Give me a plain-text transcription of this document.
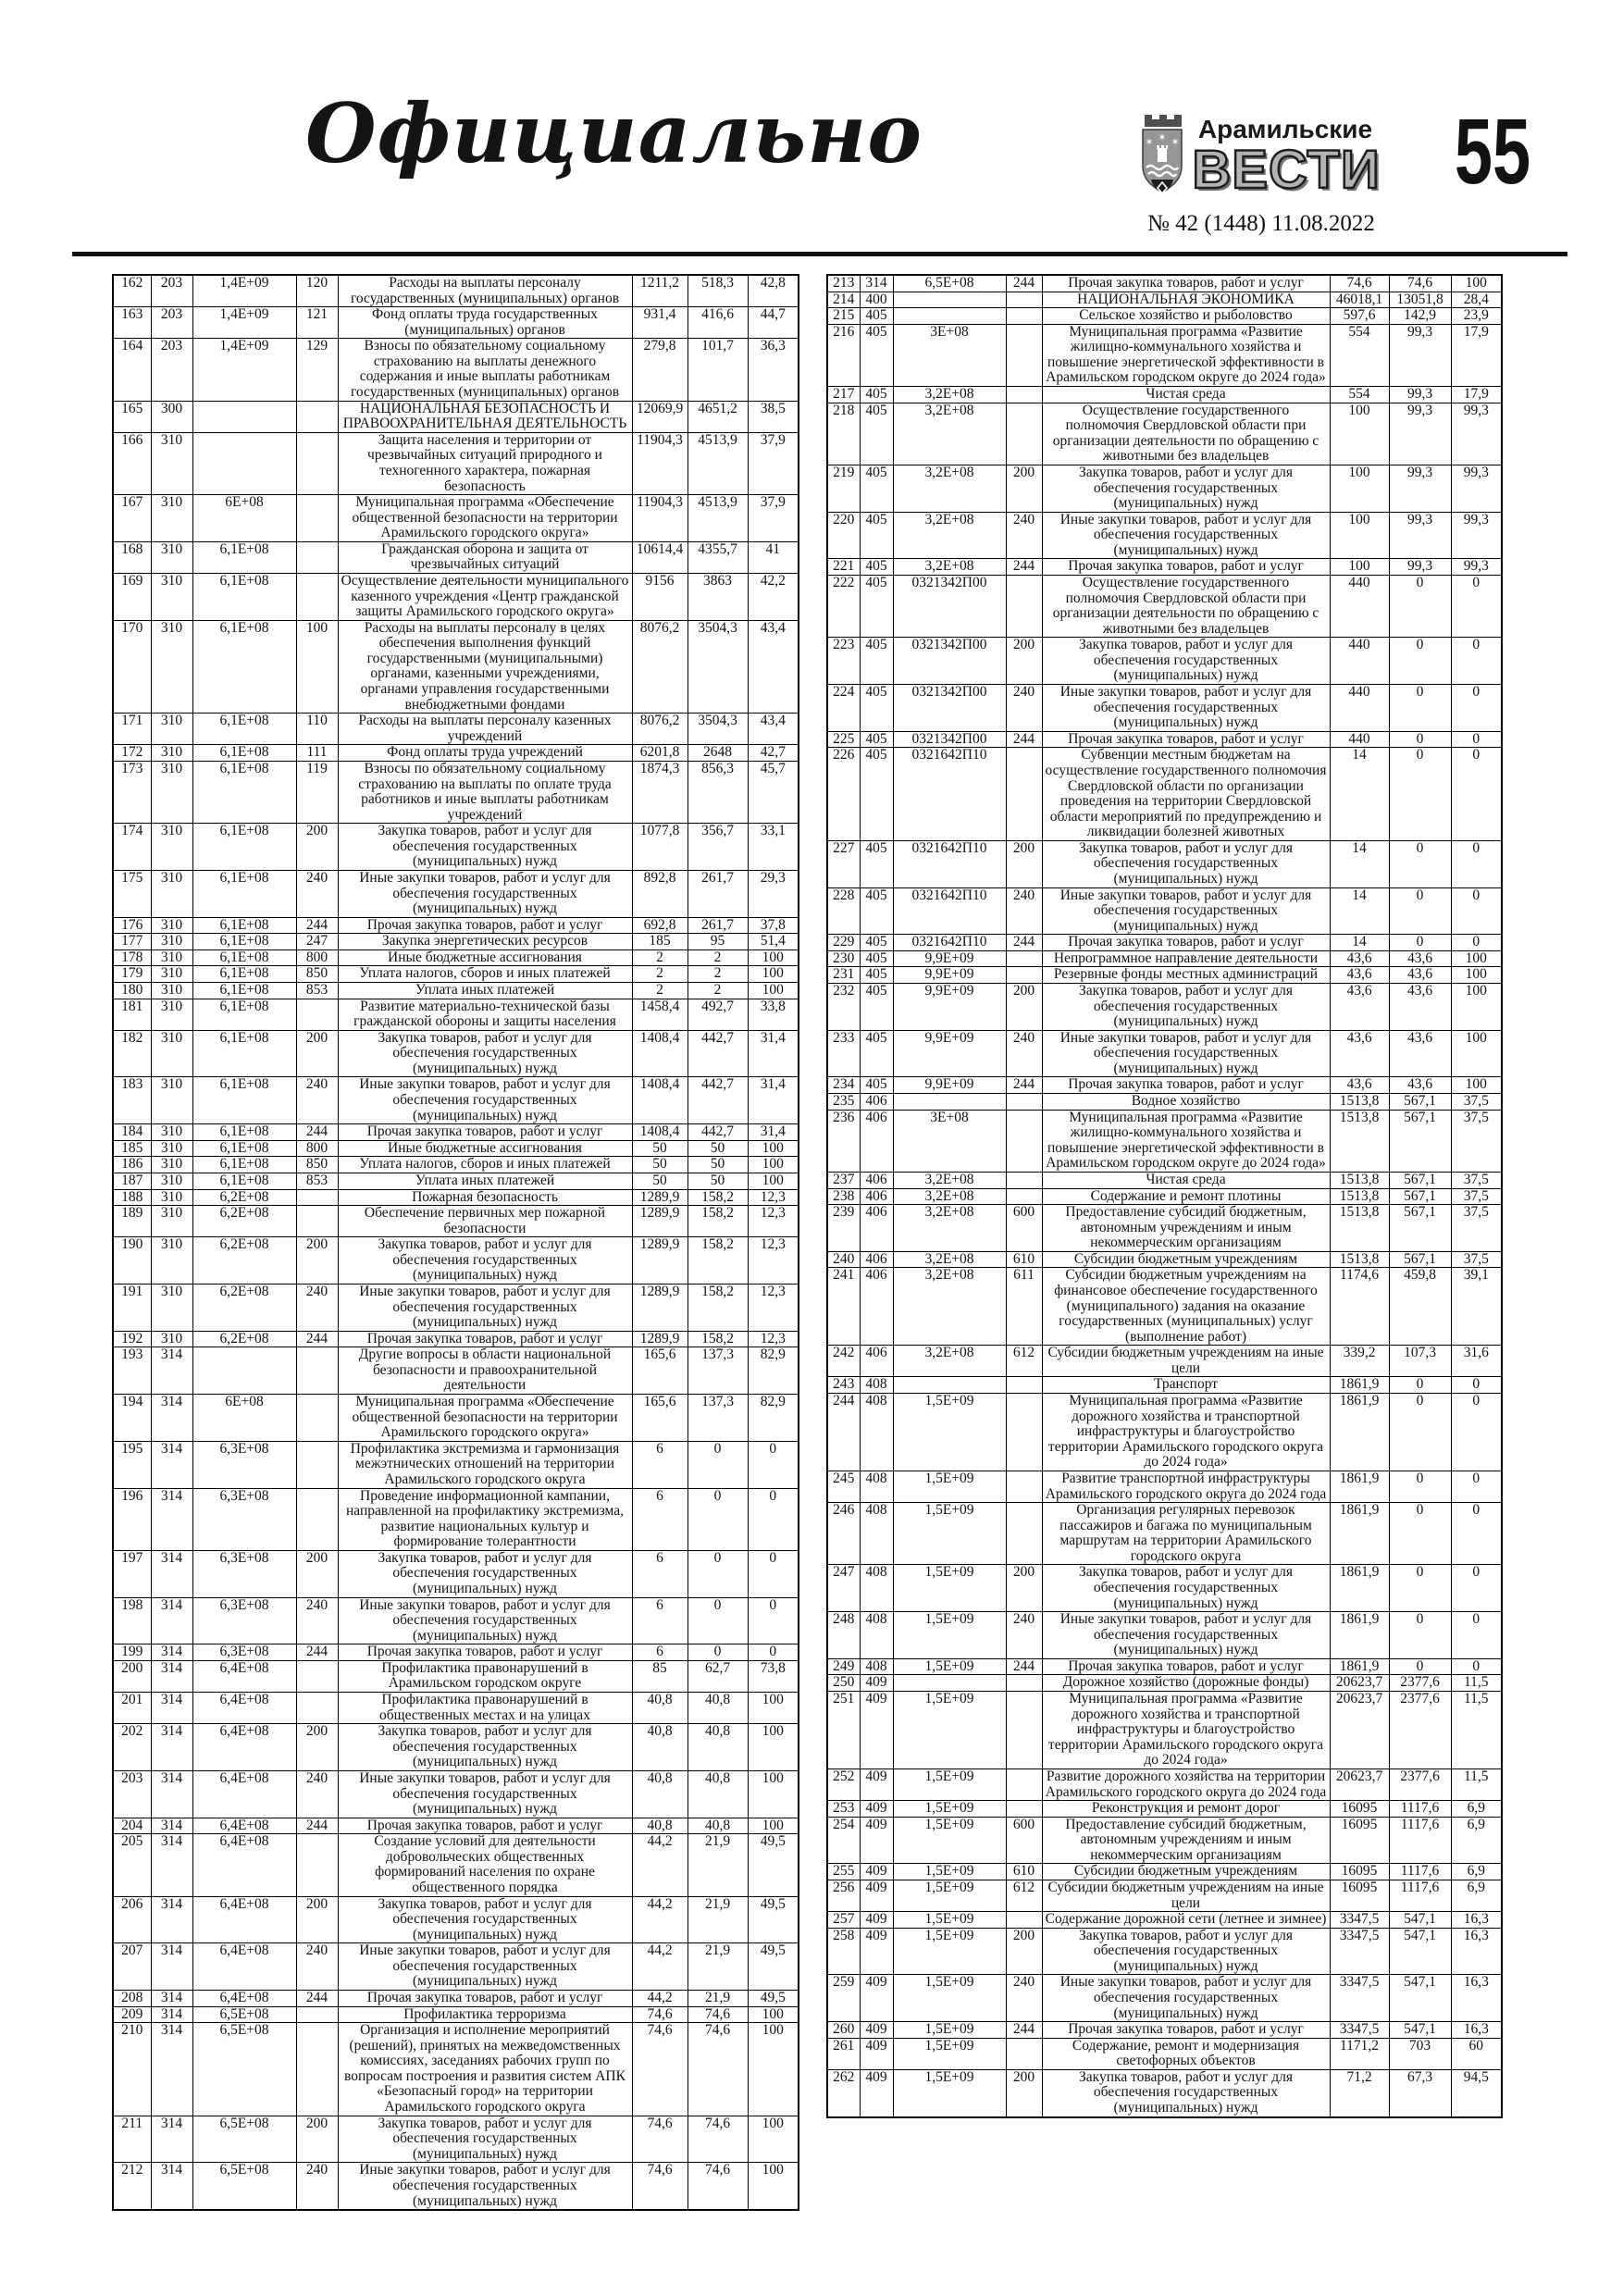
Официально	✶ ✶ ✶ Арамильские
ВЕСТИ 55
№ 42 (1448) 11.08.2022
162	203	1,4E+09	120	Расходы на выплаты персоналу государственных (муниципальных) органов	1211,2	518,3	42,8
163	203	1,4E+09	121	Фонд оплаты труда государственных (муниципальных) органов	931,4	416,6	44,7
164	203	1,4E+09	129	Взносы по обязательному социальному страхованию на выплаты денежного содержания и иные выплаты работникам государственных (муниципальных) органов	279,8	101,7	36,3
165	300			НАЦИОНАЛЬНАЯ БЕЗОПАСНОСТЬ И ПРАВООХРАНИТЕЛЬНАЯ ДЕЯТЕЛЬНОСТЬ	12069,9	4651,2	38,5
166	310			Защита населения и территории от чрезвычайных ситуаций природного и техногенного характера, пожарная безопасность	11904,3	4513,9	37,9
167	310	6E+08		Муниципальная программа «Обеспечение общественной безопасности на территории Арамильского городского округа»	11904,3	4513,9	37,9
168	310	6,1E+08		Гражданская оборона и защита от чрезвычайных ситуаций	10614,4	4355,7	41
169	310	6,1E+08		Осуществление деятельности муниципального казенного учреждения «Центр гражданской защиты Арамильского городского округа»	9156	3863	42,2
170	310	6,1E+08	100	Расходы на выплаты персоналу в целях обеспечения выполнения функций государственными (муниципальными) органами, казенными учреждениями, органами управления государственными внебюджетными фондами	8076,2	3504,3	43,4
171	310	6,1E+08	110	Расходы на выплаты персоналу казенных учреждений	8076,2	3504,3	43,4
172	310	6,1E+08	111	Фонд оплаты труда учреждений	6201,8	2648	42,7
173	310	6,1E+08	119	Взносы по обязательному социальному страхованию на выплаты по оплате труда работников и иные выплаты работникам учреждений	1874,3	856,3	45,7
174	310	6,1E+08	200	Закупка товаров, работ и услуг для обеспечения государственных (муниципальных) нужд	1077,8	356,7	33,1
175	310	6,1E+08	240	Иные закупки товаров, работ и услуг для обеспечения государственных (муниципальных) нужд	892,8	261,7	29,3
176	310	6,1E+08	244	Прочая закупка товаров, работ и услуг	692,8	261,7	37,8
177	310	6,1E+08	247	Закупка энергетических ресурсов	185	95	51,4
178	310	6,1E+08	800	Иные бюджетные ассигнования	2	2	100
179	310	6,1E+08	850	Уплата налогов, сборов и иных платежей	2	2	100
180	310	6,1E+08	853	Уплата иных платежей	2	2	100
181	310	6,1E+08		Развитие материально-технической базы гражданской обороны и защиты населения	1458,4	492,7	33,8
182	310	6,1E+08	200	Закупка товаров, работ и услуг для обеспечения государственных (муниципальных) нужд	1408,4	442,7	31,4
183	310	6,1E+08	240	Иные закупки товаров, работ и услуг для обеспечения государственных (муниципальных) нужд	1408,4	442,7	31,4
184	310	6,1E+08	244	Прочая закупка товаров, работ и услуг	1408,4	442,7	31,4
185	310	6,1E+08	800	Иные бюджетные ассигнования	50	50	100
186	310	6,1E+08	850	Уплата налогов, сборов и иных платежей	50	50	100
187	310	6,1E+08	853	Уплата иных платежей	50	50	100
188	310	6,2E+08		Пожарная безопасность	1289,9	158,2	12,3
189	310	6,2E+08		Обеспечение первичных мер пожарной безопасности	1289,9	158,2	12,3
190	310	6,2E+08	200	Закупка товаров, работ и услуг для обеспечения государственных (муниципальных) нужд	1289,9	158,2	12,3
191	310	6,2E+08	240	Иные закупки товаров, работ и услуг для обеспечения государственных (муниципальных) нужд	1289,9	158,2	12,3
192	310	6,2E+08	244	Прочая закупка товаров, работ и услуг	1289,9	158,2	12,3
193	314			Другие вопросы в области национальной безопасности и правоохранительной деятельности	165,6	137,3	82,9
194	314	6E+08		Муниципальная программа «Обеспечение общественной безопасности на территории Арамильского городского округа»	165,6	137,3	82,9
195	314	6,3E+08		Профилактика экстремизма и гармонизация межэтнических отношений на территории Арамильского городского округа	6	0	0
196	314	6,3E+08		Проведение информационной кампании, направленной на профилактику экстремизма, развитие национальных культур и формирование толерантности	6	0	0
197	314	6,3E+08	200	Закупка товаров, работ и услуг для обеспечения государственных (муниципальных) нужд	6	0	0
198	314	6,3E+08	240	Иные закупки товаров, работ и услуг для обеспечения государственных (муниципальных) нужд	6	0	0
199	314	6,3E+08	244	Прочая закупка товаров, работ и услуг	6	0	0
200	314	6,4E+08		Профилактика правонарушений в Арамильском городском округе	85	62,7	73,8
201	314	6,4E+08		Профилактика правонарушений в общественных местах и на улицах	40,8	40,8	100
202	314	6,4E+08	200	Закупка товаров, работ и услуг для обеспечения государственных (муниципальных) нужд	40,8	40,8	100
203	314	6,4E+08	240	Иные закупки товаров, работ и услуг для обеспечения государственных (муниципальных) нужд	40,8	40,8	100
204	314	6,4E+08	244	Прочая закупка товаров, работ и услуг	40,8	40,8	100
205	314	6,4E+08		Создание условий для деятельности добровольческих общественных формирований населения по охране общественного порядка	44,2	21,9	49,5
206	314	6,4E+08	200	Закупка товаров, работ и услуг для обеспечения государственных (муниципальных) нужд	44,2	21,9	49,5
207	314	6,4E+08	240	Иные закупки товаров, работ и услуг для обеспечения государственных (муниципальных) нужд	44,2	21,9	49,5
208	314	6,4E+08	244	Прочая закупка товаров, работ и услуг	44,2	21,9	49,5
209	314	6,5E+08		Профилактика терроризма	74,6	74,6	100
210	314	6,5E+08		Организация и исполнение мероприятий (решений), принятых на межведомственных комиссиях, заседаниях рабочих групп по вопросам построения и развития систем АПК «Безопасный город» на территории Арамильского городского округа	74,6	74,6	100
211	314	6,5E+08	200	Закупка товаров, работ и услуг для обеспечения государственных (муниципальных) нужд	74,6	74,6	100
212	314	6,5E+08	240	Иные закупки товаров, работ и услуг для обеспечения государственных (муниципальных) нужд	74,6	74,6	100
213	314	6,5E+08	244	Прочая закупка товаров, работ и услуг	74,6	74,6	100
214	400			НАЦИОНАЛЬНАЯ ЭКОНОМИКА	46018,1	13051,8	28,4
215	405			Сельское хозяйство и рыболовство	597,6	142,9	23,9
216	405	3E+08		Муниципальная программа «Развитие жилищно-коммунального хозяйства и повышение энергетической эффективности в Арамильском городском округе до 2024 года»	554	99,3	17,9
217	405	3,2E+08		Чистая среда	554	99,3	17,9
218	405	3,2E+08		Осуществление государственного полномочия Свердловской области при организации деятельности по обращению с животными без владельцев	100	99,3	99,3
219	405	3,2E+08	200	Закупка товаров, работ и услуг для обеспечения государственных (муниципальных) нужд	100	99,3	99,3
220	405	3,2E+08	240	Иные закупки товаров, работ и услуг для обеспечения государственных (муниципальных) нужд	100	99,3	99,3
221	405	3,2E+08	244	Прочая закупка товаров, работ и услуг	100	99,3	99,3
222	405	0321342П00		Осуществление государственного полномочия Свердловской области при организации деятельности по обращению с животными без владельцев	440	0	0
223	405	0321342П00	200	Закупка товаров, работ и услуг для обеспечения государственных (муниципальных) нужд	440	0	0
224	405	0321342П00	240	Иные закупки товаров, работ и услуг для обеспечения государственных (муниципальных) нужд	440	0	0
225	405	0321342П00	244	Прочая закупка товаров, работ и услуг	440	0	0
226	405	0321642П10		Субвенции местным бюджетам на осуществление государственного полномочия Свердловской области по организации проведения на территории Свердловской области мероприятий по предупреждению и ликвидации болезней животных	14	0	0
227	405	0321642П10	200	Закупка товаров, работ и услуг для обеспечения государственных (муниципальных) нужд	14	0	0
228	405	0321642П10	240	Иные закупки товаров, работ и услуг для обеспечения государственных (муниципальных) нужд	14	0	0
229	405	0321642П10	244	Прочая закупка товаров, работ и услуг	14	0	0
230	405	9,9E+09		Непрограммное направление деятельности	43,6	43,6	100
231	405	9,9E+09		Резервные фонды местных администраций	43,6	43,6	100
232	405	9,9E+09	200	Закупка товаров, работ и услуг для обеспечения государственных (муниципальных) нужд	43,6	43,6	100
233	405	9,9E+09	240	Иные закупки товаров, работ и услуг для обеспечения государственных (муниципальных) нужд	43,6	43,6	100
234	405	9,9E+09	244	Прочая закупка товаров, работ и услуг	43,6	43,6	100
235	406			Водное хозяйство	1513,8	567,1	37,5
236	406	3E+08		Муниципальная программа «Развитие жилищно-коммунального хозяйства и повышение энергетической эффективности в Арамильском городском округе до 2024 года»	1513,8	567,1	37,5
237	406	3,2E+08		Чистая среда	1513,8	567,1	37,5
238	406	3,2E+08		Содержание и ремонт плотины	1513,8	567,1	37,5
239	406	3,2E+08	600	Предоставление субсидий бюджетным, автономным учреждениям и иным некоммерческим организациям	1513,8	567,1	37,5
240	406	3,2E+08	610	Субсидии бюджетным учреждениям	1513,8	567,1	37,5
241	406	3,2E+08	611	Субсидии бюджетным учреждениям на финансовое обеспечение государственного (муниципального) задания на оказание государственных (муниципальных) услуг (выполнение работ)	1174,6	459,8	39,1
242	406	3,2E+08	612	Субсидии бюджетным учреждениям на иные цели	339,2	107,3	31,6
243	408			Транспорт	1861,9	0	0
244	408	1,5E+09		Муниципальная программа «Развитие дорожного хозяйства и транспортной инфраструктуры и благоустройство территории Арамильского городского округа до 2024 года»	1861,9	0	0
245	408	1,5E+09		Развитие транспортной инфраструктуры Арамильского городского округа до 2024 года	1861,9	0	0
246	408	1,5E+09		Организация регулярных перевозок пассажиров и багажа по муниципальным маршрутам на территории Арамильского городского округа	1861,9	0	0
247	408	1,5E+09	200	Закупка товаров, работ и услуг для обеспечения государственных (муниципальных) нужд	1861,9	0	0
248	408	1,5E+09	240	Иные закупки товаров, работ и услуг для обеспечения государственных (муниципальных) нужд	1861,9	0	0
249	408	1,5E+09	244	Прочая закупка товаров, работ и услуг	1861,9	0	0
250	409			Дорожное хозяйство (дорожные фонды)	20623,7	2377,6	11,5
251	409	1,5E+09		Муниципальная программа «Развитие дорожного хозяйства и транспортной инфраструктуры и благоустройство территории Арамильского городского округа до 2024 года»	20623,7	2377,6	11,5
252	409	1,5E+09		Развитие дорожного хозяйства на территории Арамильского городского округа до 2024 года	20623,7	2377,6	11,5
253	409	1,5E+09		Реконструкция и ремонт дорог	16095	1117,6	6,9
254	409	1,5E+09	600	Предоставление субсидий бюджетным, автономным учреждениям и иным некоммерческим организациям	16095	1117,6	6,9
255	409	1,5E+09	610	Субсидии бюджетным учреждениям	16095	1117,6	6,9
256	409	1,5E+09	612	Субсидии бюджетным учреждениям на иные цели	16095	1117,6	6,9
257	409	1,5E+09		Содержание дорожной сети (летнее и зимнее)	3347,5	547,1	16,3
258	409	1,5E+09	200	Закупка товаров, работ и услуг для обеспечения государственных (муниципальных) нужд	3347,5	547,1	16,3
259	409	1,5E+09	240	Иные закупки товаров, работ и услуг для обеспечения государственных (муниципальных) нужд	3347,5	547,1	16,3
260	409	1,5E+09	244	Прочая закупка товаров, работ и услуг	3347,5	547,1	16,3
261	409	1,5E+09		Содержание, ремонт и модернизация светофорных объектов	1171,2	703	60
262	409	1,5E+09	200	Закупка товаров, работ и услуг для обеспечения государственных (муниципальных) нужд	71,2	67,3	94,5
